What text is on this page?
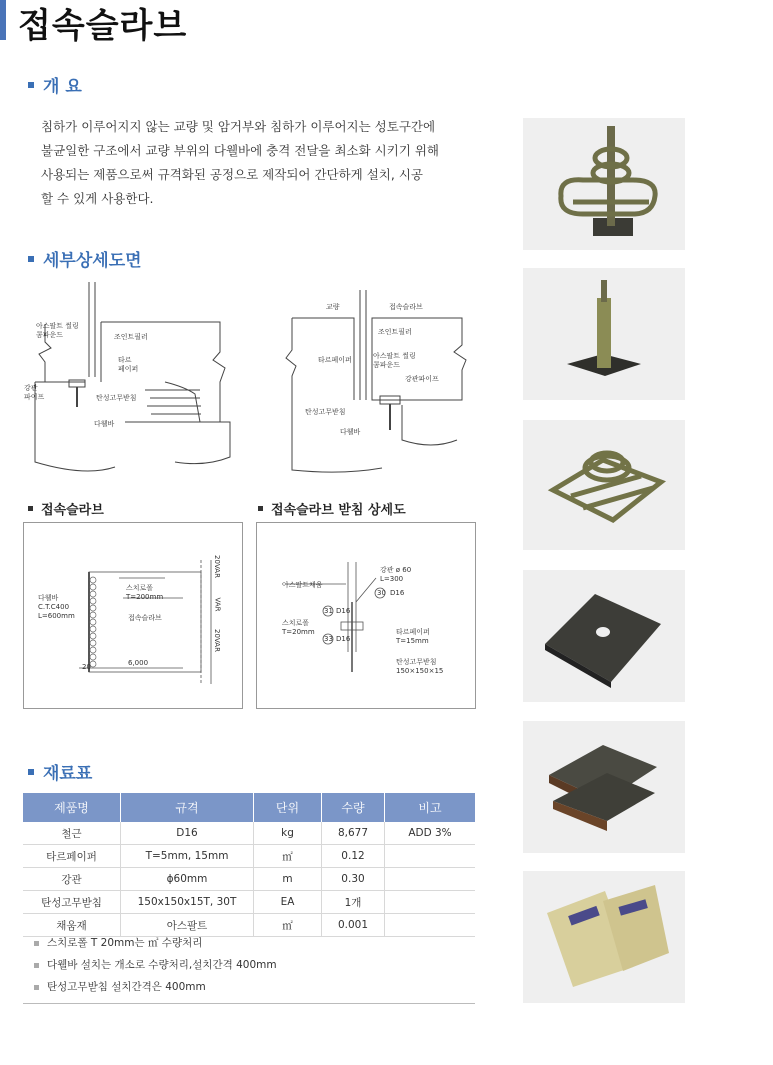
접속슬라브
개 요
침하가 이루어지지 않는 교량 및 암거부와 침하가 이루어지는 성토구간에
불균일한 구조에서 교량 부위의 다웰바에 충격 전달을 최소화 시키기 위해
사용되는 제품으로써 규격화된 공정으로 제작되어 간단하게 설치, 시공
할 수 있게 사용한다.
세부상세도면
아스팔트 씰링
콤파운드	조인트필러
타르
페이퍼
강관
파이프	탄성고무받침
다웰바
교량	접속슬라브
조인트필러
타르페이퍼	아스팔트 씰링
콤파운드
강관파이프
탄성고무받침
다웰바
접속슬라브	접속슬라브 받침 상세도
다웰바
C.T.C400
L=600mm
스치로폴
T=200mm
접속슬라브
20VAR
VAR
20VAR
20	6,000
강관 ø 60
L=300
아스팔트채움
30 D16
31 D16
스치로폴
T=20mm	타르페이퍼
T=15mm
33 D16
탄성고무받침
150×150×15
재료표
제품명	규격	단위	수량	비고
철근	D16	kg	8,677	ADD 3%
타르페이퍼	T=5mm, 15mm	㎡	0.12	
강관	ϕ60mm	m	0.30	
탄성고무받침	150x150x15T, 30T	EA	1개	
채움재	아스팔트	㎡	0.001	
스치로폴 T 20mm는 ㎡ 수량처리
다웰바 설치는 개소로 수량처리,설치간격 400mm
탄성고무받침 설치간격은 400mm
